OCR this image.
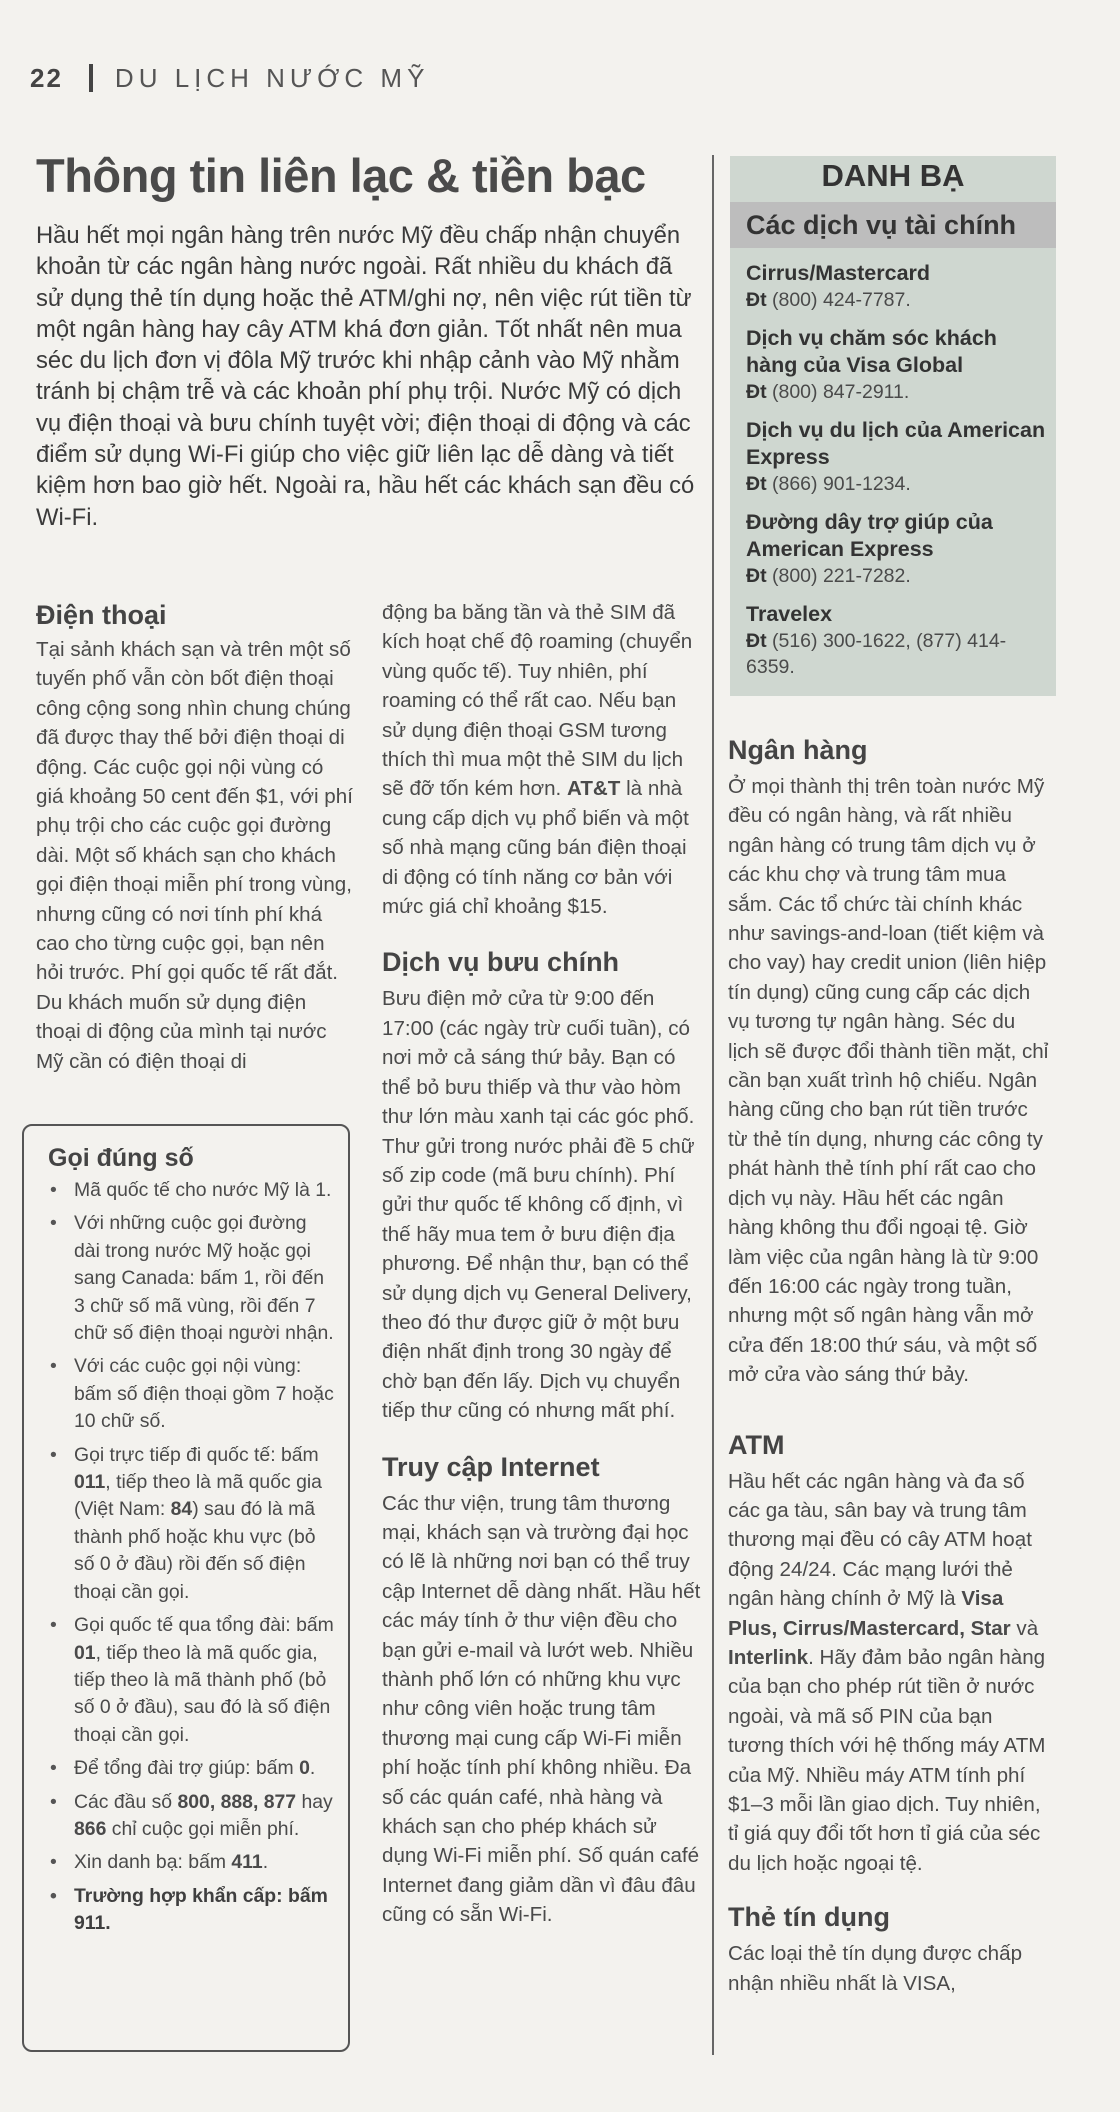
22 DU LỊCH NƯỚC MỸ
Thông tin liên lạc & tiền bạc

Hầu hết mọi ngân hàng trên nước Mỹ đều chấp nhận chuyển khoản từ các ngân hàng nước ngoài. Rất nhiều du khách đã sử dụng thẻ tín dụng hoặc thẻ ATM/ghi nợ, nên việc rút tiền từ một ngân hàng hay cây ATM khá đơn giản. Tốt nhất nên mua séc du lịch đơn vị đôla Mỹ trước khi nhập cảnh vào Mỹ nhằm tránh bị chậm trễ và các khoản phí phụ trội. Nước Mỹ có dịch vụ điện thoại và bưu chính tuyệt vời; điện thoại di động và các điểm sử dụng Wi-Fi giúp cho việc giữ liên lạc dễ dàng và tiết kiệm hơn bao giờ hết. Ngoài ra, hầu hết các khách sạn đều có Wi-Fi.

Điện thoại

Tại sảnh khách sạn và trên một số tuyến phố vẫn còn bốt điện thoại công cộng song nhìn chung chúng đã được thay thế bởi điện thoại di động. Các cuộc gọi nội vùng có giá khoảng 50 cent đến $1, với phí phụ trội cho các cuộc gọi đường dài. Một số khách sạn cho khách gọi điện thoại miễn phí trong vùng, nhưng cũng có nơi tính phí khá cao cho từng cuộc gọi, bạn nên hỏi trước. Phí gọi quốc tế rất đắt. Du khách muốn sử dụng điện thoại di động của mình tại nước Mỹ cần có điện thoại di

Gọi đúng số
• Mã quốc tế cho nước Mỹ là 1.
• Với những cuộc gọi đường dài trong nước Mỹ hoặc gọi sang Canada: bấm 1, rồi đến 3 chữ số mã vùng, rồi đến 7 chữ số điện thoại người nhận.
• Với các cuộc gọi nội vùng: bấm số điện thoại gồm 7 hoặc 10 chữ số.
• Gọi trực tiếp đi quốc tế: bấm 011, tiếp theo là mã quốc gia (Việt Nam: 84) sau đó là mã thành phố hoặc khu vực (bỏ số 0 ở đầu) rồi đến số điện thoại cần gọi.
• Gọi quốc tế qua tổng đài: bấm 01, tiếp theo là mã quốc gia, tiếp theo là mã thành phố (bỏ số 0 ở đầu), sau đó là số điện thoại cần gọi.
• Để tổng đài trợ giúp: bấm 0.
• Các đầu số 800, 888, 877 hay 866 chỉ cuộc gọi miễn phí.
• Xin danh bạ: bấm 411.
• Trường hợp khẩn cấp: bấm 911.

động ba băng tần và thẻ SIM đã kích hoạt chế độ roaming (chuyển vùng quốc tế). Tuy nhiên, phí roaming có thể rất cao. Nếu bạn sử dụng điện thoại GSM tương thích thì mua một thẻ SIM du lịch sẽ đỡ tốn kém hơn. AT&T là nhà cung cấp dịch vụ phổ biến và một số nhà mạng cũng bán điện thoại di động có tính năng cơ bản với mức giá chỉ khoảng $15.

Dịch vụ bưu chính

Bưu điện mở cửa từ 9:00 đến 17:00 (các ngày trừ cuối tuần), có nơi mở cả sáng thứ bảy. Bạn có thể bỏ bưu thiếp và thư vào hòm thư lớn màu xanh tại các góc phố. Thư gửi trong nước phải đề 5 chữ số zip code (mã bưu chính). Phí gửi thư quốc tế không cố định, vì thế hãy mua tem ở bưu điện địa phương. Để nhận thư, bạn có thể sử dụng dịch vụ General Delivery, theo đó thư được giữ ở một bưu điện nhất định trong 30 ngày để chờ bạn đến lấy. Dịch vụ chuyển tiếp thư cũng có nhưng mất phí.

Truy cập Internet

Các thư viện, trung tâm thương mại, khách sạn và trường đại học có lẽ là những nơi bạn có thể truy cập Internet dễ dàng nhất. Hầu hết các máy tính ở thư viện đều cho bạn gửi e-mail và lướt web. Nhiều thành phố lớn có những khu vực như công viên hoặc trung tâm thương mại cung cấp Wi-Fi miễn phí hoặc tính phí không nhiều. Đa số các quán café, nhà hàng và khách sạn cho phép khách sử dụng Wi-Fi miễn phí. Số quán café Internet đang giảm dần vì đâu đâu cũng có sẵn Wi-Fi.

DANH BẠ
Các dịch vụ tài chính

Cirrus/Mastercard

Đt (800) 424-7787.

Dịch vụ chăm sóc khách hàng của Visa Global

Đt (800) 847-2911.

Dịch vụ du lịch của American Express

Đt (866) 901-1234.

Đường dây trợ giúp của American Express

Đt (800) 221-7282.

Travelex

Đt (516) 300-1622, (877) 414-6359.

Ngân hàng

Ở mọi thành thị trên toàn nước Mỹ đều có ngân hàng, và rất nhiều ngân hàng có trung tâm dịch vụ ở các khu chợ và trung tâm mua sắm. Các tổ chức tài chính khác như savings-and-loan (tiết kiệm và cho vay) hay credit union (liên hiệp tín dụng) cũng cung cấp các dịch vụ tương tự ngân hàng. Séc du lịch sẽ được đổi thành tiền mặt, chỉ cần bạn xuất trình hộ chiếu. Ngân hàng cũng cho bạn rút tiền trước từ thẻ tín dụng, nhưng các công ty phát hành thẻ tính phí rất cao cho dịch vụ này. Hầu hết các ngân hàng không thu đổi ngoại tệ. Giờ làm việc của ngân hàng là từ 9:00 đến 16:00 các ngày trong tuần, nhưng một số ngân hàng vẫn mở cửa đến 18:00 thứ sáu, và một số mở cửa vào sáng thứ bảy.

ATM

Hầu hết các ngân hàng và đa số các ga tàu, sân bay và trung tâm thương mại đều có cây ATM hoạt động 24/24. Các mạng lưới thẻ ngân hàng chính ở Mỹ là Visa Plus, Cirrus/Mastercard, Star và Interlink. Hãy đảm bảo ngân hàng của bạn cho phép rút tiền ở nước ngoài, và mã số PIN của bạn tương thích với hệ thống máy ATM của Mỹ. Nhiều máy ATM tính phí $1–3 mỗi lần giao dịch. Tuy nhiên, tỉ giá quy đổi tốt hơn tỉ giá của séc du lịch hoặc ngoại tệ.

Thẻ tín dụng

Các loại thẻ tín dụng được chấp nhận nhiều nhất là VISA,
